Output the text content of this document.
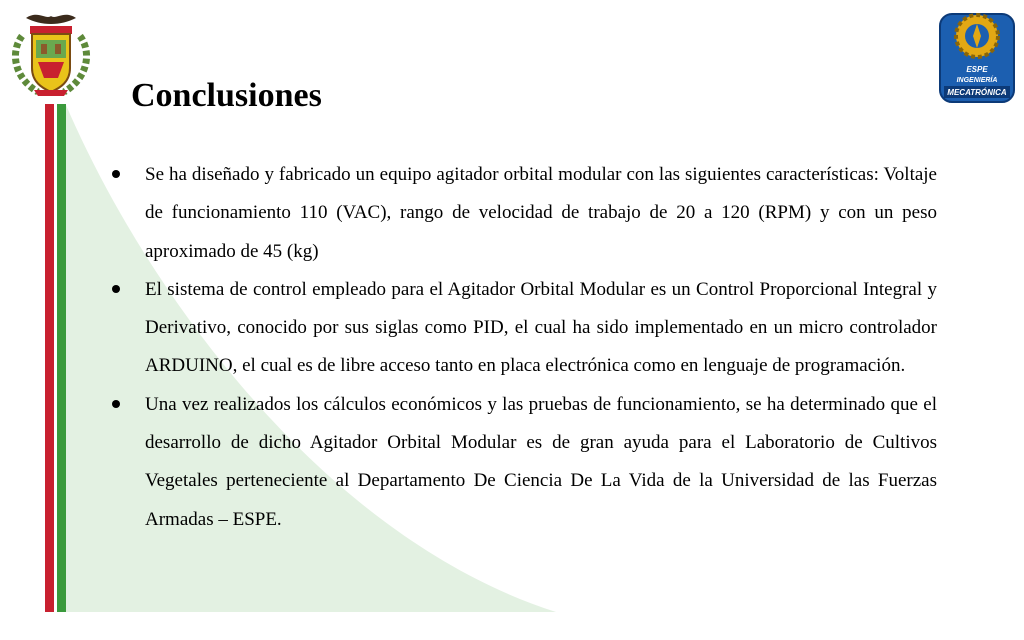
ESPE
INGENIERÍA
MECATRÓNICA
Conclusiones
Se ha diseñado y fabricado un equipo agitador orbital modular con las siguientes características: Voltaje de funcionamiento 110 (VAC), rango de velocidad de trabajo de 20 a 120 (RPM) y con un peso aproximado de 45 (kg)
El sistema de control empleado para el Agitador Orbital Modular es un Control Proporcional Integral y Derivativo, conocido por sus siglas como PID, el cual ha sido implementado en un micro controlador ARDUINO, el cual es de libre acceso tanto en placa electrónica como en lenguaje de programación.
Una vez realizados los cálculos económicos y las pruebas de funcionamiento, se ha determinado que el desarrollo de dicho Agitador Orbital Modular es de gran ayuda para el Laboratorio de Cultivos Vegetales perteneciente al Departamento De Ciencia De La Vida de la Universidad de las Fuerzas Armadas – ESPE.
